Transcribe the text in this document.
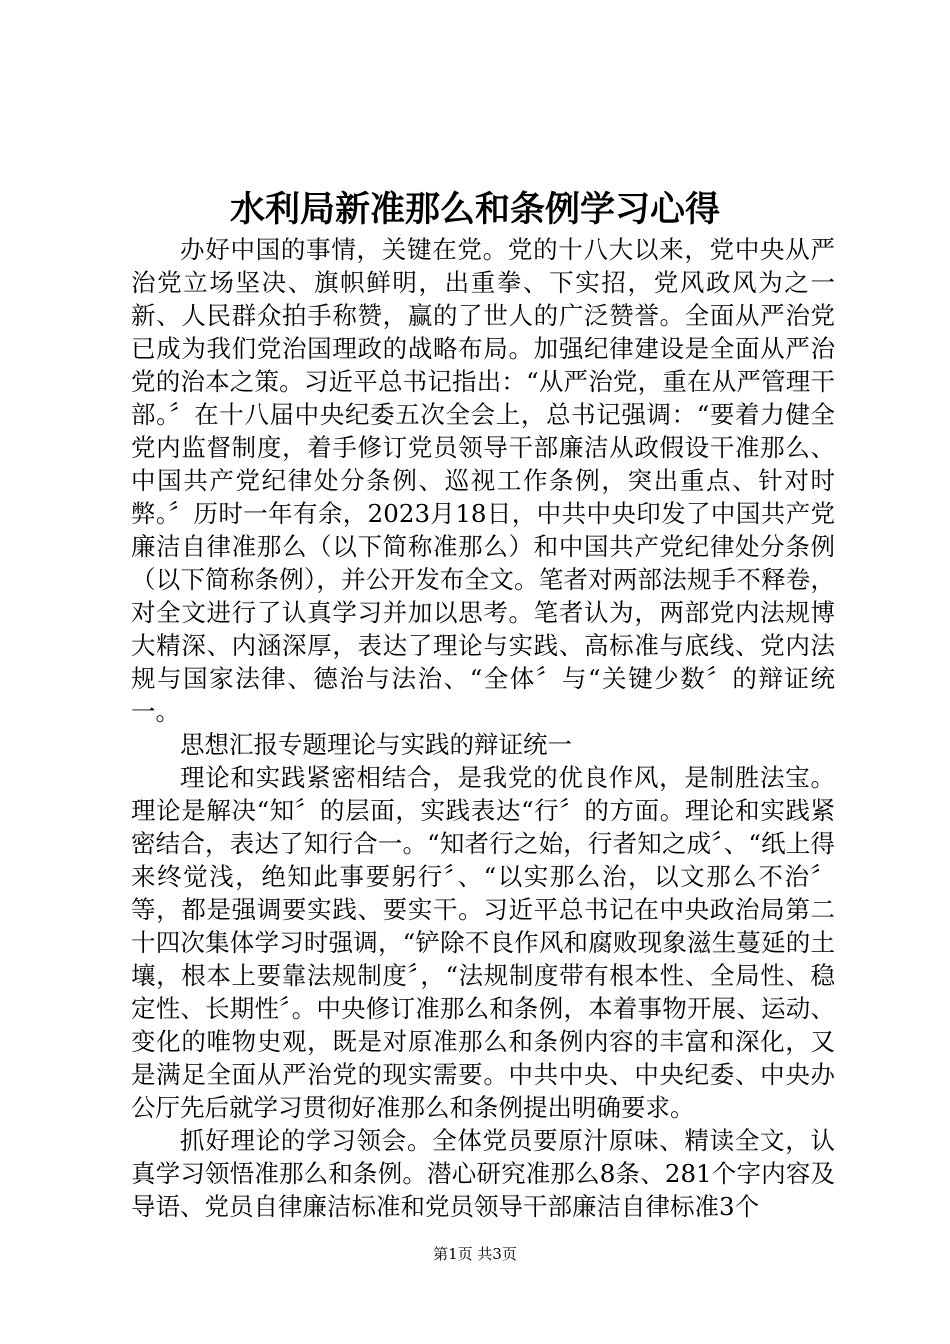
水利局新准那么和条例学习心得

办好中国的事情，关键在党。党的十八大以来，党中央从严治党立场坚决、旗帜鲜明，出重拳、下实招，党风政风为之一新、人民群众拍手称赞，赢的了世人的广泛赞誉。全面从严治党已成为我们党治国理政的战略布局。加强纪律建设是全面从严治党的治本之策。习近平总书记指出：“从严治党，重在从严管理干部。〞在十八届中央纪委五次全会上，总书记强调：“要着力健全党内监督制度，着手修订党员领导干部廉洁从政假设干准那么、中国共产党纪律处分条例、巡视工作条例，突出重点、针对时弊。〞历时一年有余，2023月18日，中共中央印发了中国共产党廉洁自律准那么（以下简称准那么）和中国共产党纪律处分条例（以下简称条例），并公开发布全文。笔者对两部法规手不释卷，对全文进行了认真学习并加以思考。笔者认为，两部党内法规博大精深、内涵深厚，表达了理论与实践、高标准与底线、党内法规与国家法律、德治与法治、“全体〞与“关键少数〞的辩证统一。

思想汇报专题理论与实践的辩证统一

理论和实践紧密相结合，是我党的优良作风，是制胜法宝。理论是解决“知〞的层面，实践表达“行〞的方面。理论和实践紧密结合，表达了知行合一。“知者行之始，行者知之成〞、“纸上得来终觉浅，绝知此事要躬行〞、“以实那么治，以文那么不治〞等，都是强调要实践、要实干。习近平总书记在中央政治局第二十四次集体学习时强调，“铲除不良作风和腐败现象滋生蔓延的土壤，根本上要靠法规制度〞，“法规制度带有根本性、全局性、稳定性、长期性〞。中央修订准那么和条例，本着事物开展、运动、变化的唯物史观，既是对原准那么和条例内容的丰富和深化，又是满足全面从严治党的现实需要。中共中央、中央纪委、中央办公厅先后就学习贯彻好准那么和条例提出明确要求。

抓好理论的学习领会。全体党员要原汁原味、精读全文，认真学习领悟准那么和条例。潜心研究准那么8条、281个字内容及导语、党员自律廉洁标准和党员领导干部廉洁自律标准3个

第1页 共3页
